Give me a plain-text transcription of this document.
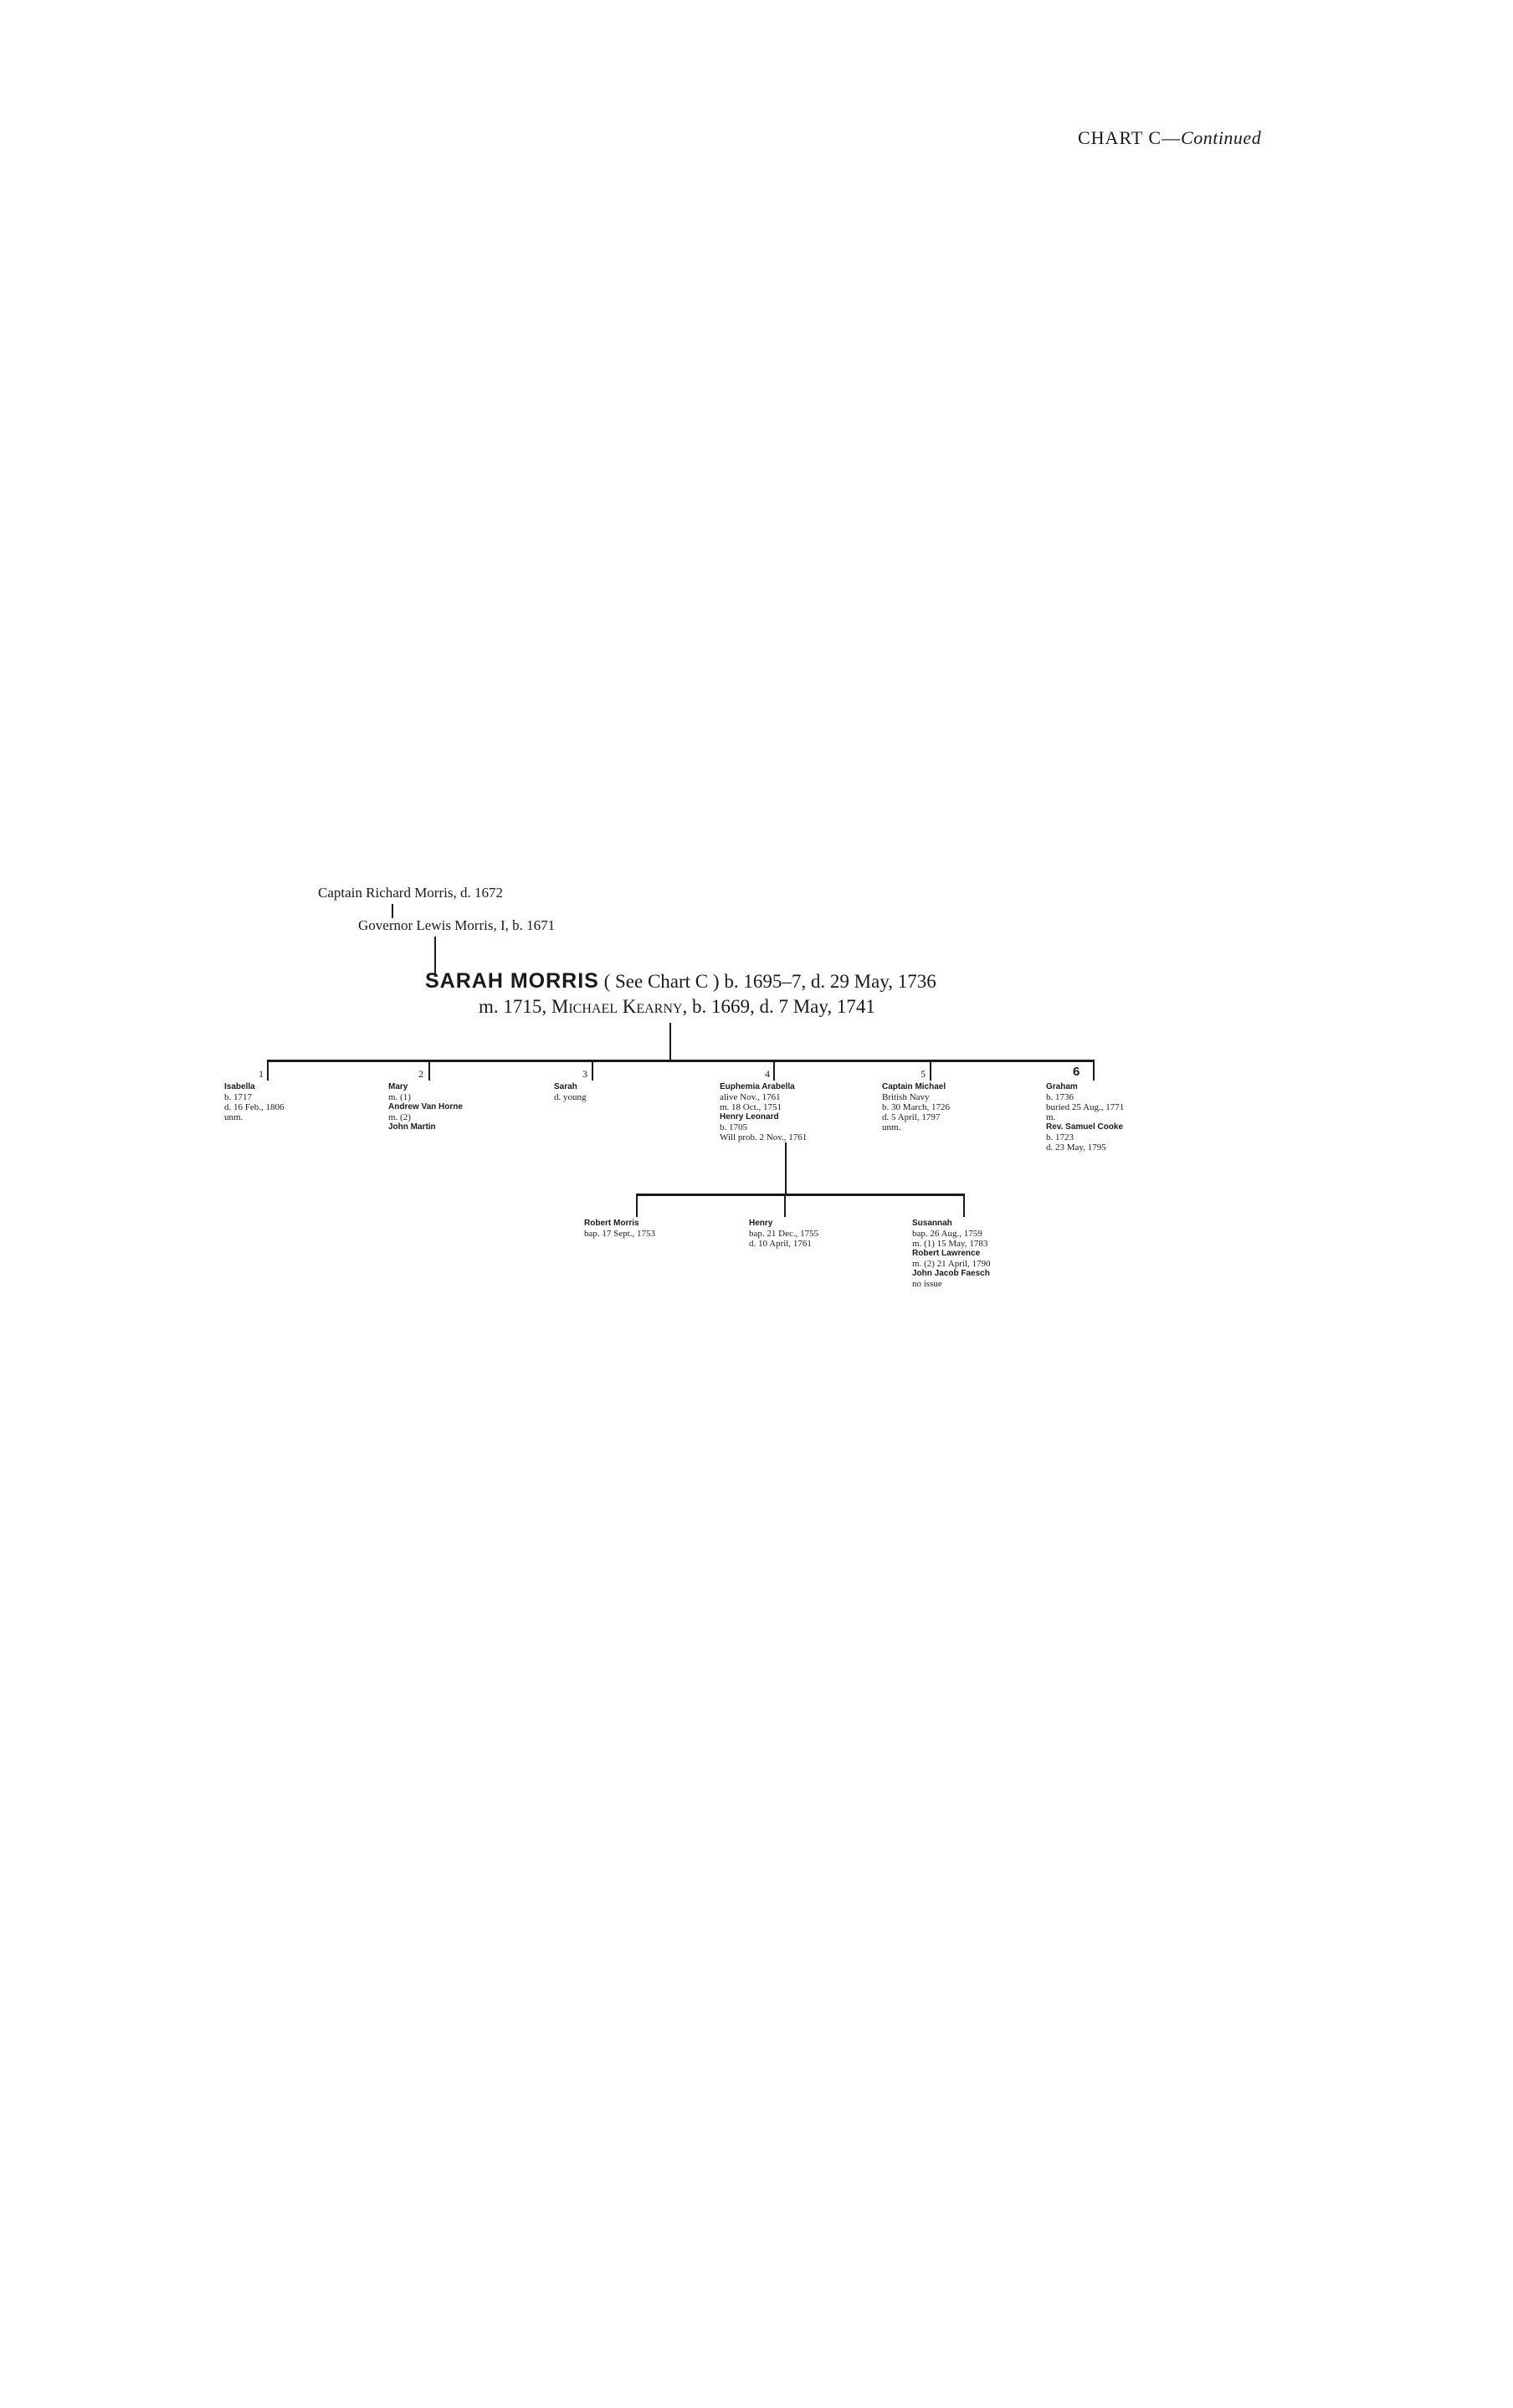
CHART C—Continued
Captain Richard Morris, d. 1672
Governor Lewis Morris, I, b. 1671
SARAH MORRIS ( See Chart C ) b. 1695–7, d. 29 May, 1736
m. 1715, Michael Kearny, b. 1669, d. 7 May, 1741
1	2	3	4	5	6
Isabella
b. 1717
d. 16 Feb., 1806
unm.
Mary
m. (1)
Andrew Van Horne
m. (2)
John Martin
Sarah
d. young
Euphemia Arabella
alive Nov., 1761
m. 18 Oct., 1751
Henry Leonard
b. 1705
Will prob. 2 Nov., 1761
Captain Michael
British Navy
b. 30 March, 1726
d. 5 April, 1797
unm.
Graham
b. 1736
buried 25 Aug., 1771
m.
Rev. Samuel Cooke
b. 1723
d. 23 May, 1795
Robert Morris
bap. 17 Sept., 1753
Henry
bap. 21 Dec., 1755
d. 10 April, 1761
Susannah
bap. 26 Aug., 1759
m. (1) 15 May, 1783
Robert Lawrence
m. (2) 21 April, 1790
John Jacob Faesch
no issue
